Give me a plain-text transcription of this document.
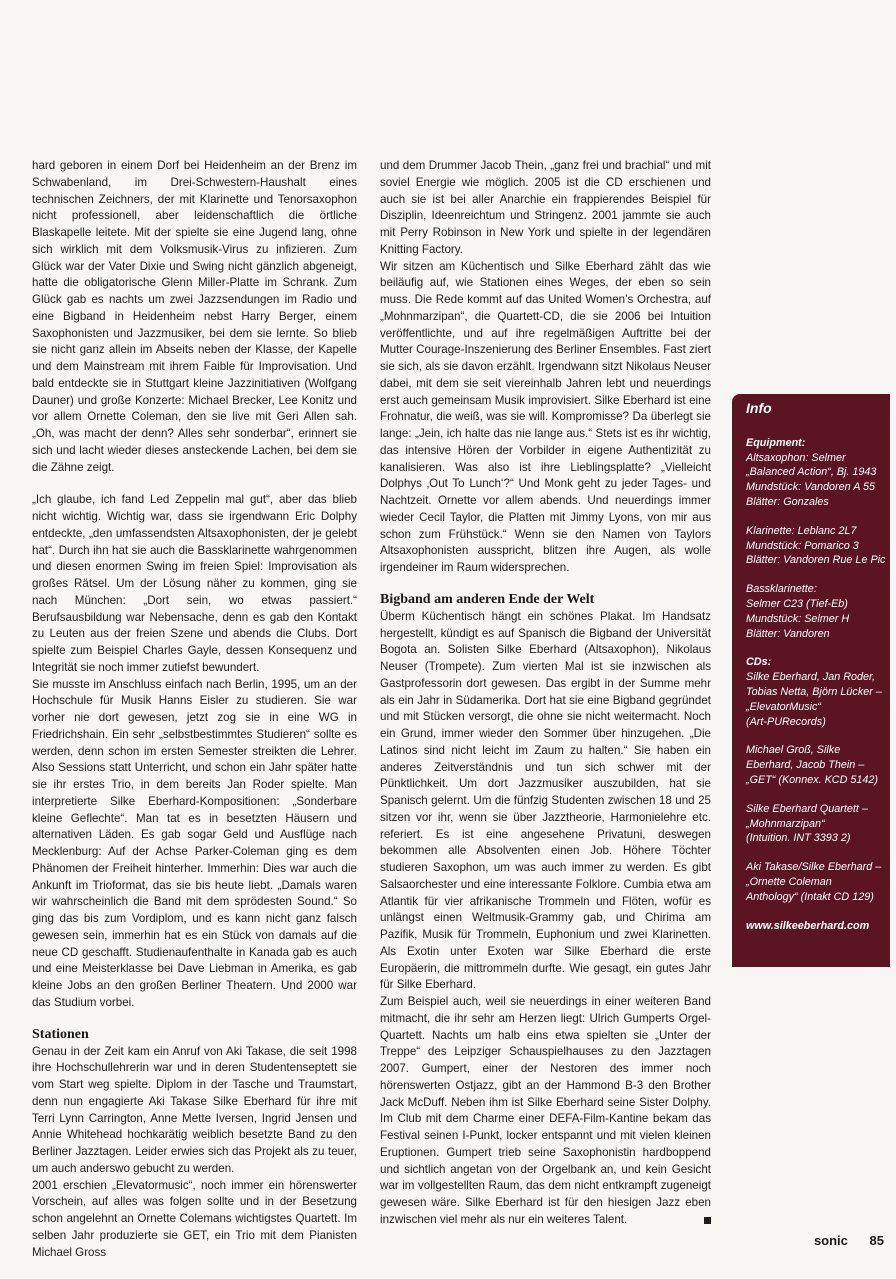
hard geboren in einem Dorf bei Heidenheim an der Brenz im Schwabenland, im Drei-Schwestern-Haushalt eines technischen Zeichners, der mit Klarinette und Tenorsaxophon nicht professionell, aber leidenschaftlich die örtliche Blaskapelle leitete. Mit der spielte sie eine Jugend lang, ohne sich wirklich mit dem Volksmusik-Virus zu infizieren. Zum Glück war der Vater Dixie und Swing nicht gänzlich abgeneigt, hatte die obligatorische Glenn Miller-Platte im Schrank. Zum Glück gab es nachts um zwei Jazzsendungen im Radio und eine Bigband in Heidenheim nebst Harry Berger, einem Saxophonisten und Jazzmusiker, bei dem sie lernte. So blieb sie nicht ganz allein im Abseits neben der Klasse, der Kapelle und dem Mainstream mit ihrem Faible für Improvisation. Und bald entdeckte sie in Stuttgart kleine Jazzinitiativen (Wolfgang Dauner) und große Konzerte: Michael Brecker, Lee Konitz und vor allem Ornette Coleman, den sie live mit Geri Allen sah. „Oh, was macht der denn? Alles sehr sonderbar“, erinnert sie sich und lacht wieder dieses ansteckende Lachen, bei dem sie die Zähne zeigt.

„Ich glaube, ich fand Led Zeppelin mal gut“, aber das blieb nicht wichtig. Wichtig war, dass sie irgendwann Eric Dolphy entdeckte, „den umfassendsten Altsaxophonisten, der je gelebt hat“. Durch ihn hat sie auch die Bassklarinette wahrgenommen und diesen enormen Swing im freien Spiel: Improvisation als großes Rätsel. Um der Lösung näher zu kommen, ging sie nach München: „Dort sein, wo etwas passiert.“ Berufsausbildung war Nebensache, denn es gab den Kontakt zu Leuten aus der freien Szene und abends die Clubs. Dort spielte zum Beispiel Charles Gayle, dessen Konsequenz und Integrität sie noch immer zutiefst bewundert.

Sie musste im Anschluss einfach nach Berlin, 1995, um an der Hochschule für Musik Hanns Eisler zu studieren. Sie war vorher nie dort gewesen, jetzt zog sie in eine WG in Friedrichshain. Ein sehr „selbstbestimmtes Studieren“ sollte es werden, denn schon im ersten Semester streikten die Lehrer. Also Sessions statt Unterricht, und schon ein Jahr später hatte sie ihr erstes Trio, in dem bereits Jan Roder spielte. Man interpretierte Silke Eberhard-Kompositionen: „Sonderbare kleine Geflechte“. Man tat es in besetzten Häusern und alternativen Läden. Es gab sogar Geld und Ausflüge nach Mecklenburg: Auf der Achse Parker-Coleman ging es dem Phänomen der Freiheit hinterher. Immerhin: Dies war auch die Ankunft im Trioformat, das sie bis heute liebt. „Damals waren wir wahrscheinlich die Band mit dem sprödesten Sound.“ So ging das bis zum Vordiplom, und es kann nicht ganz falsch gewesen sein, immerhin hat es ein Stück von damals auf die neue CD geschafft. Studienaufenthalte in Kanada gab es auch und eine Meisterklasse bei Dave Liebman in Amerika, es gab kleine Jobs an den großen Berliner Theatern. Und 2000 war das Studium vorbei.

Stationen

Genau in der Zeit kam ein Anruf von Aki Takase, die seit 1998 ihre Hochschullehrerin war und in deren Studentenseptett sie vom Start weg spielte. Diplom in der Tasche und Traumstart, denn nun engagierte Aki Takase Silke Eberhard für ihre mit Terri Lynn Carrington, Anne Mette Iversen, Ingrid Jensen und Annie Whitehead hochkarätig weiblich besetzte Band zu den Berliner Jazztagen. Leider erwies sich das Projekt als zu teuer, um auch anderswo gebucht zu werden.

2001 erschien „Elevatormusic“, noch immer ein hörenswerter Vorschein, auf alles was folgen sollte und in der Besetzung schon angelehnt an Ornette Colemans wichtigstes Quartett. Im selben Jahr produzierte sie GET, ein Trio mit dem Pianisten Michael Gross

und dem Drummer Jacob Thein, „ganz frei und brachial“ und mit soviel Energie wie möglich. 2005 ist die CD erschienen und auch sie ist bei aller Anarchie ein frappierendes Beispiel für Disziplin, Ideenreichtum und Stringenz. 2001 jammte sie auch mit Perry Robinson in New York und spielte in der legendären Knitting Factory.

Wir sitzen am Küchentisch und Silke Eberhard zählt das wie beiläufig auf, wie Stationen eines Weges, der eben so sein muss. Die Rede kommt auf das United Women’s Orchestra, auf „Mohnmarzipan“, die Quartett-CD, die sie 2006 bei Intuition veröffentlichte, und auf ihre regelmäßigen Auftritte bei der Mutter Courage-Inszenierung des Berliner Ensembles. Fast ziert sie sich, als sie davon erzählt. Irgendwann sitzt Nikolaus Neuser dabei, mit dem sie seit viereinhalb Jahren lebt und neuerdings erst auch gemeinsam Musik improvisiert. Silke Eberhard ist eine Frohnatur, die weiß, was sie will. Kompromisse? Da überlegt sie lange: „Jein, ich halte das nie lange aus.“ Stets ist es ihr wichtig, das intensive Hören der Vorbilder in eigene Authentizität zu kanalisieren. Was also ist ihre Lieblingsplatte? „Vielleicht Dolphys ‚Out To Lunch‘?“ Und Monk geht zu jeder Tages- und Nachtzeit. Ornette vor allem abends. Und neuerdings immer wieder Cecil Taylor, die Platten mit Jimmy Lyons, von mir aus schon zum Frühstück.“ Wenn sie den Namen von Taylors Altsaxophonisten ausspricht, blitzen ihre Augen, als wolle irgendeiner im Raum widersprechen.

Bigband am anderen Ende der Welt

Überm Küchentisch hängt ein schönes Plakat. Im Handsatz hergestellt, kündigt es auf Spanisch die Bigband der Universität Bogota an. Solisten Silke Eberhard (Altsaxophon), Nikolaus Neuser (Trompete). Zum vierten Mal ist sie inzwischen als Gastprofessorin dort gewesen. Das ergibt in der Summe mehr als ein Jahr in Südamerika. Dort hat sie eine Bigband gegründet und mit Stücken versorgt, die ohne sie nicht weitermacht. Noch ein Grund, immer wieder den Sommer über hinzugehen. „Die Latinos sind nicht leicht im Zaum zu halten.“ Sie haben ein anderes Zeitverständnis und tun sich schwer mit der Pünktlichkeit. Um dort Jazzmusiker auszubilden, hat sie Spanisch gelernt. Um die fünfzig Studenten zwischen 18 und 25 sitzen vor ihr, wenn sie über Jazztheorie, Harmonielehre etc. referiert. Es ist eine angesehene Privatuni, deswegen bekommen alle Absolventen einen Job. Höhere Töchter studieren Saxophon, um was auch immer zu werden. Es gibt Salsaorchester und eine interessante Folklore. Cumbia etwa am Atlantik für vier afrikanische Trommeln und Flöten, wofür es unlängst einen Weltmusik-Grammy gab, und Chirima am Pazifik, Musik für Trommeln, Euphonium und zwei Klarinetten. Als Exotin unter Exoten war Silke Eberhard die erste Europäerin, die mittrommeln durfte. Wie gesagt, ein gutes Jahr für Silke Eberhard.

Zum Beispiel auch, weil sie neuerdings in einer weiteren Band mitmacht, die ihr sehr am Herzen liegt: Ulrich Gumperts Orgel-Quartett. Nachts um halb eins etwa spielten sie „Unter der Treppe“ des Leipziger Schauspielhauses zu den Jazztagen 2007. Gumpert, einer der Nestoren des immer noch hörenswerten Ostjazz, gibt an der Hammond B-3 den Brother Jack McDuff. Neben ihm ist Silke Eberhard seine Sister Dolphy. Im Club mit dem Charme einer DEFA-Film-Kantine bekam das Festival seinen I-Punkt, locker entspannt und mit vielen kleinen Eruptionen. Gumpert trieb seine Saxophonistin hardboppend und sichtlich angetan von der Orgelbank an, und kein Gesicht war im vollgestellten Raum, das dem nicht entkrampft zugeneigt gewesen wäre. Silke Eberhard ist für den hiesigen Jazz eben inzwischen viel mehr als nur ein weiteres Talent.

Info
Equipment:
Altsaxophon: Selmer
„Balanced Action“, Bj. 1943
Mundstück: Vandoren A 55
Blätter: Gonzales
Klarinette: Leblanc 2L7
Mundstück: Pomarico 3
Blätter: Vandoren Rue Le Pic
Bassklarinette:
Selmer C23 (Tief-Eb)
Mundstück: Selmer H
Blätter: Vandoren
CDs:
Silke Eberhard, Jan Roder,
Tobias Netta, Björn Lücker –
„ElevatorMusic“
(Art-PURecords)
Michael Groß, Silke
Eberhard, Jacob Thein –
„GET“ (Konnex. KCD 5142)
Silke Eberhard Quartett –
„Mohnmarzipan“
(Intuition. INT 3393 2)
Aki Takase/Silke Eberhard –
„Ornette Coleman
Anthology“ (Intakt CD 129)
www.silkeeberhard.com
sonic 85
